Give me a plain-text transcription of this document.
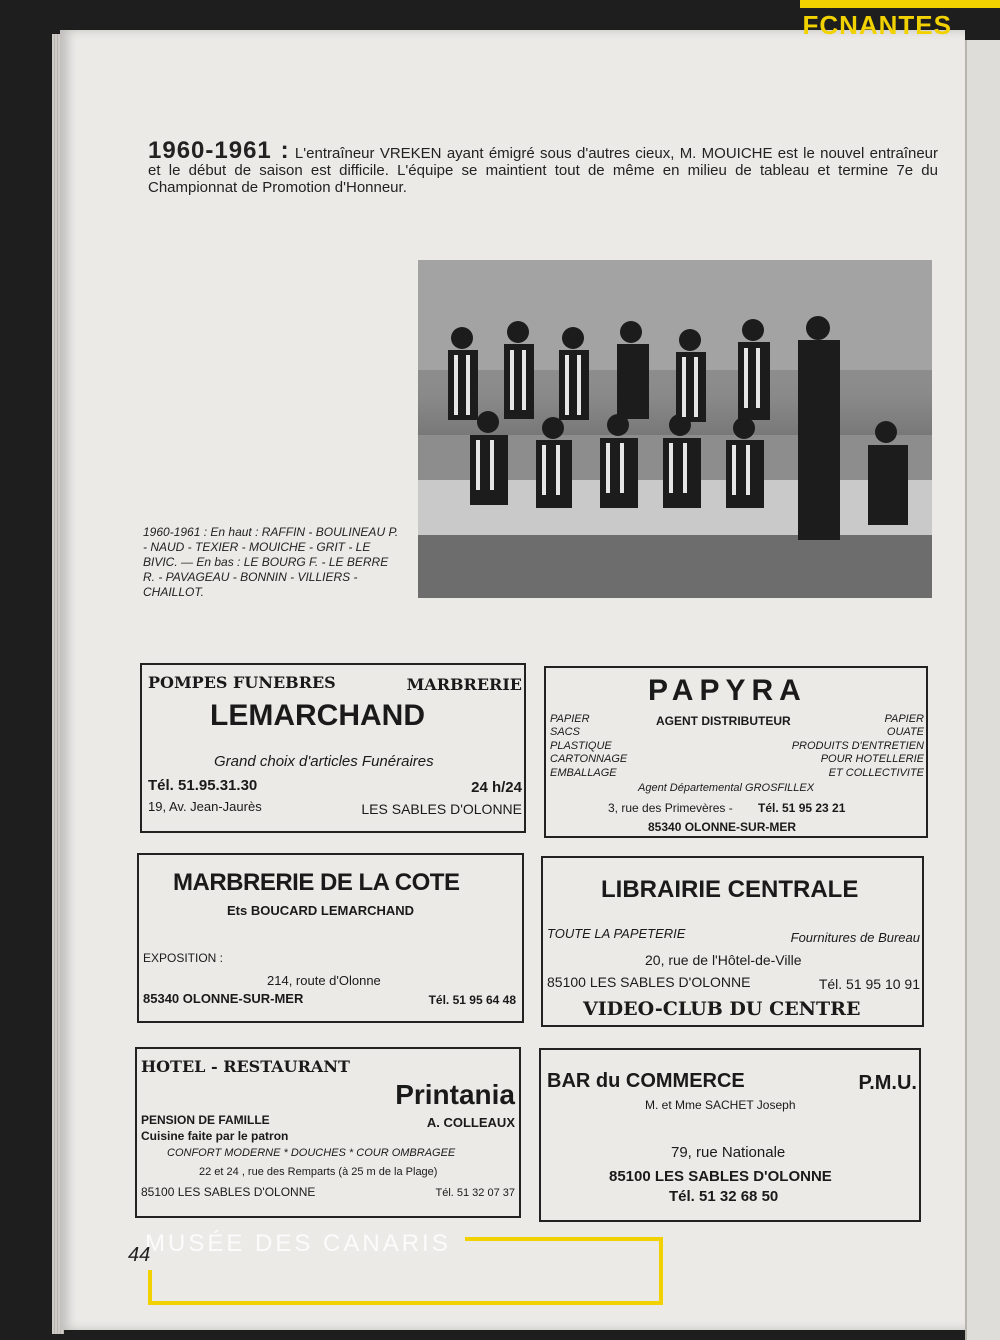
FCNANTES
1960-1961 : L'entraîneur VREKEN ayant émigré sous d'autres cieux, M. MOUICHE est le nouvel entraîneur et le début de saison est difficile. L'équipe se maintient tout de même en milieu de tableau et termine 7e du Championnat de Promotion d'Honneur.
1960-1961 : En haut : RAFFIN - BOULINEAU P. - NAUD - TEXIER - MOUICHE - GRIT - LE BIVIC. — En bas : LE BOURG F. - LE BERRE R. - PAVAGEAU - BONNIN - VILLIERS - CHAILLOT.
POMPES FUNEBRES	MARBRERIE
LEMARCHAND
Grand choix d'articles Funéraires
Tél. 51.95.31.30	24 h/24
19, Av. Jean-Jaurès	LES SABLES D'OLONNE
PAPYRA
AGENT DISTRIBUTEUR
PAPIER
SACS
PLASTIQUE
CARTONNAGE
EMBALLAGE
PAPIER
OUATE
PRODUITS D'ENTRETIEN
POUR HOTELLERIE
ET COLLECTIVITE
Agent Départemental GROSFILLEX
3, rue des Primevères - Tél. 51 95 23 21
85340 OLONNE-SUR-MER
MARBRERIE DE LA COTE
Ets BOUCARD LEMARCHAND
EXPOSITION :
214, route d'Olonne
85340 OLONNE-SUR-MER	Tél. 51 95 64 48
LIBRAIRIE CENTRALE
TOUTE LA PAPETERIE	Fournitures de Bureau
20, rue de l'Hôtel-de-Ville
85100 LES SABLES D'OLONNE	Tél. 51 95 10 91
VIDEO-CLUB DU CENTRE
HOTEL - RESTAURANT
Printania
PENSION DE FAMILLE	A. COLLEAUX
Cuisine faite par le patron
CONFORT MODERNE * DOUCHES * COUR OMBRAGEE
22 et 24 , rue des Remparts (à 25 m de la Plage)
85100 LES SABLES D'OLONNE	Tél. 51 32 07 37
BAR du COMMERCE	P.M.U.
M. et Mme SACHET Joseph
79, rue Nationale
85100 LES SABLES D'OLONNE
Tél. 51 32 68 50
MUSÉE DES CANARIS
44
